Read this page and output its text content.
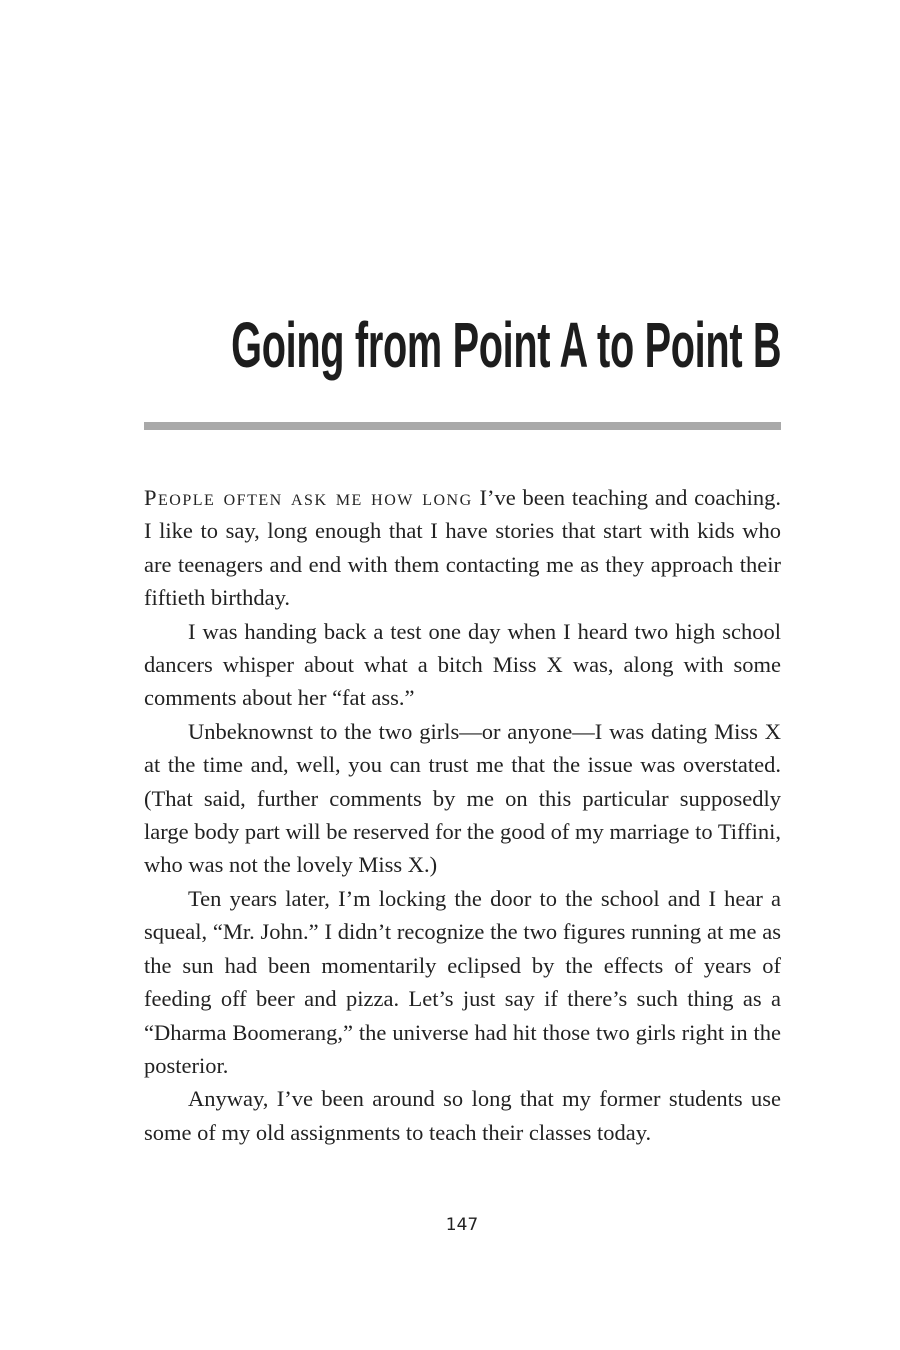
Going from Point A to Point B

People often ask me how long I’ve been teaching and coaching. I like to say, long enough that I have stories that start with kids who are teenagers and end with them contacting me as they approach their fiftieth birthday.

I was handing back a test one day when I heard two high school dancers whisper about what a bitch Miss X was, along with some comments about her “fat ass.”

Unbeknownst to the two girls—or anyone—I was dating Miss X at the time and, well, you can trust me that the issue was overstated. (That said, further comments by me on this particular supposedly large body part will be reserved for the good of my marriage to Tiffini, who was not the lovely Miss X.)

Ten years later, I’m locking the door to the school and I hear a squeal, “Mr. John.” I didn’t recognize the two figures running at me as the sun had been momentarily eclipsed by the effects of years of feeding off beer and pizza. Let’s just say if there’s such thing as a “Dharma Boomerang,” the universe had hit those two girls right in the posterior.

Anyway, I’ve been around so long that my former students use some of my old assignments to teach their classes today.

147
